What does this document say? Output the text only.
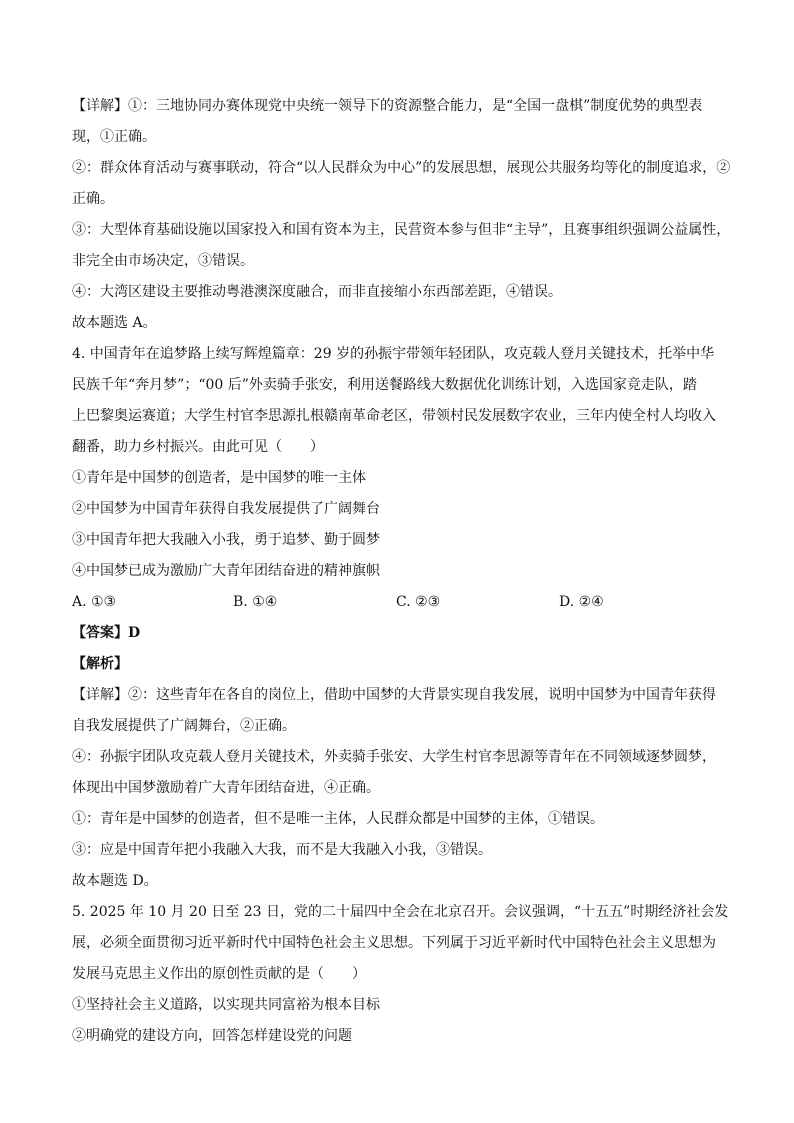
【详解】①：三地协同办赛体现党中央统一领导下的资源整合能力，是“全国一盘棋”制度优势的典型表
现，①正确。
②：群众体育活动与赛事联动，符合“以人民群众为中心”的发展思想，展现公共服务均等化的制度追求，②
正确。
③：大型体育基础设施以国家投入和国有资本为主，民营资本参与但非“主导”，且赛事组织强调公益属性，
非完全由市场决定，③错误。
④：大湾区建设主要推动粤港澳深度融合，而非直接缩小东西部差距，④错误。
故本题选 A。
4. 中国青年在追梦路上续写辉煌篇章：29 岁的孙振宇带领年轻团队，攻克载人登月关键技术，托举中华
民族千年“奔月梦”；“00 后”外卖骑手张安，利用送餐路线大数据优化训练计划，入选国家竞走队，踏
上巴黎奥运赛道；大学生村官李思源扎根赣南革命老区，带领村民发展数字农业，三年内使全村人均收入
翻番，助力乡村振兴。由此可见（　　）
①青年是中国梦的创造者，是中国梦的唯一主体
②中国梦为中国青年获得自我发展提供了广阔舞台
③中国青年把大我融入小我，勇于追梦、勤于圆梦
④中国梦已成为激励广大青年团结奋进的精神旗帜
A. ①③	B. ①④	C. ②③	D. ②④
【答案】D
【解析】
【详解】②：这些青年在各自的岗位上，借助中国梦的大背景实现自我发展，说明中国梦为中国青年获得
自我发展提供了广阔舞台，②正确。
④：孙振宇团队攻克载人登月关键技术，外卖骑手张安、大学生村官李思源等青年在不同领域逐梦圆梦，
体现出中国梦激励着广大青年团结奋进，④正确。
①：青年是中国梦的创造者，但不是唯一主体，人民群众都是中国梦的主体，①错误。
③：应是中国青年把小我融入大我，而不是大我融入小我，③错误。
故本题选 D。
5. 2025 年 10 月 20 日至 23 日，党的二十届四中全会在北京召开。会议强调，“十五五”时期经济社会发
展，必须全面贯彻习近平新时代中国特色社会主义思想。下列属于习近平新时代中国特色社会主义思想为
发展马克思主义作出的原创性贡献的是（　　）
①坚持社会主义道路，以实现共同富裕为根本目标
②明确党的建设方向，回答怎样建设党的问题
